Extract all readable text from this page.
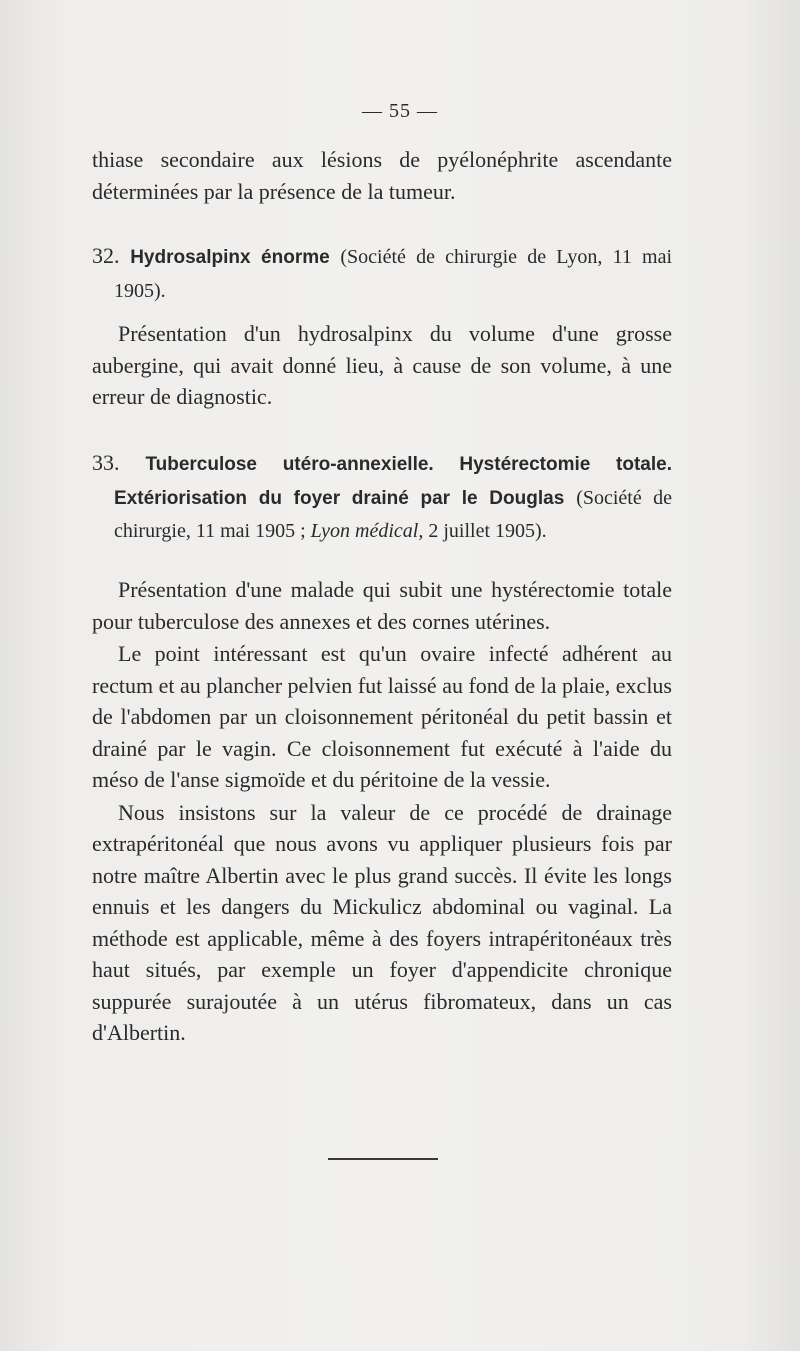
— 55 —

thiase secondaire aux lésions de pyélonéphrite ascendante déterminées par la présence de la tumeur.

32. Hydrosalpinx énorme (Société de chirurgie de Lyon, 11 mai 1905).

Présentation d'un hydrosalpinx du volume d'une grosse aubergine, qui avait donné lieu, à cause de son volume, à une erreur de diagnostic.

33. Tuberculose utéro-annexielle. Hystérectomie totale. Extériorisation du foyer drainé par le Douglas (Société de chirurgie, 11 mai 1905 ; Lyon médical, 2 juillet 1905).

Présentation d'une malade qui subit une hystérectomie totale pour tuberculose des annexes et des cornes utérines.

Le point intéressant est qu'un ovaire infecté adhérent au rectum et au plancher pelvien fut laissé au fond de la plaie, exclus de l'abdomen par un cloisonnement péritonéal du petit bassin et drainé par le vagin. Ce cloisonnement fut exécuté à l'aide du méso de l'anse sigmoïde et du péritoine de la vessie.

Nous insistons sur la valeur de ce procédé de drainage extrapéritonéal que nous avons vu appliquer plusieurs fois par notre maître Albertin avec le plus grand succès. Il évite les longs ennuis et les dangers du Mickulicz abdominal ou vaginal. La méthode est applicable, même à des foyers intrapéritonéaux très haut situés, par exemple un foyer d'appendicite chronique suppurée surajoutée à un utérus fibromateux, dans un cas d'Albertin.
